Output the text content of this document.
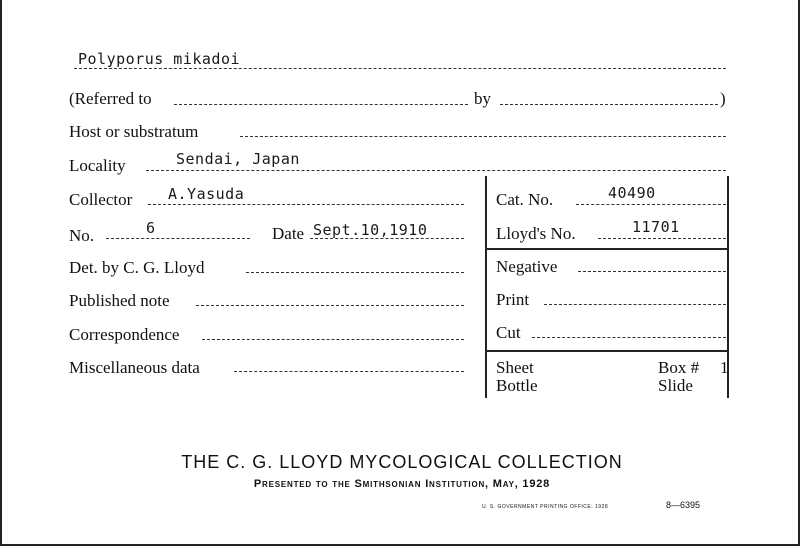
Polyporus mikadoi
(Referred to	by	)
Host or substratum
Locality	Sendai, Japan
Collector A.Yasuda
No.	6	Date Sept.10,1910
Det. by C. G. Lloyd
Published note
Correspondence
Miscellaneous data
Cat. No.	40490
Lloyd's No.	11701
Negative
Print
Cut
Sheet	Box # 1
Bottle	Slide
THE C. G. LLOYD MYCOLOGICAL COLLECTION
Presented to the Smithsonian Institution, May, 1928
U. S. GOVERNMENT PRINTING OFFICE: 1928	8—6395
